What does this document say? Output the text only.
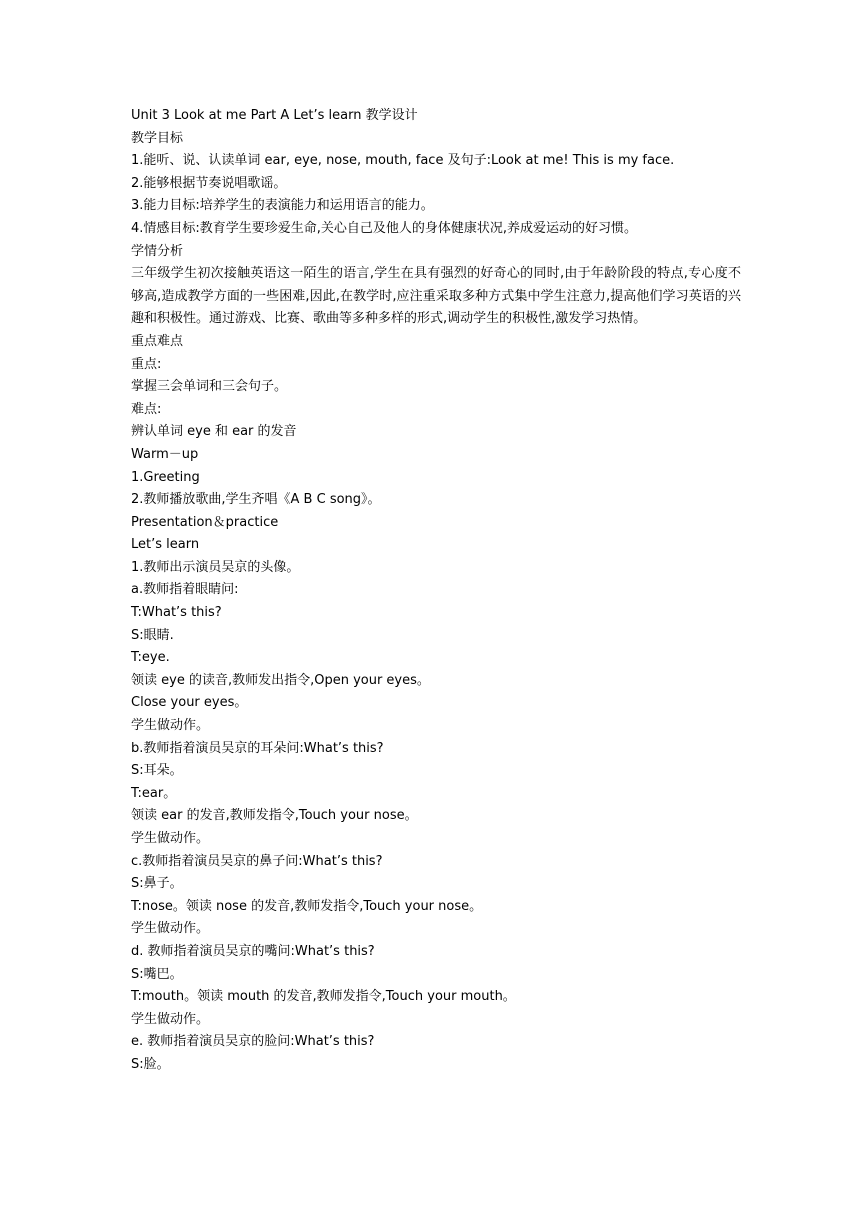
Unit 3 Look at me Part A Let’s learn 教学设计

教学目标

1.能听、说、认读单词 ear, eye, nose, mouth, face 及句子:Look at me! This is my face.

2.能够根据节奏说唱歌谣。

3.能力目标:培养学生的表演能力和运用语言的能力。

4.情感目标:教育学生要珍爱生命,关心自己及他人的身体健康状况,养成爱运动的好习惯。

学情分析

三年级学生初次接触英语这一陌生的语言,学生在具有强烈的好奇心的同时,由于年龄阶段的特点,专心度不够高,造成教学方面的一些困难,因此,在教学时,应注重采取多种方式集中学生注意力,提高他们学习英语的兴趣和积极性。通过游戏、比赛、歌曲等多种多样的形式,调动学生的积极性,激发学习热情。

重点难点

重点:

掌握三会单词和三会句子。

难点:

辨认单词 eye 和 ear 的发音

Warm－up

1.Greeting

2.教师播放歌曲,学生齐唱《A B C song》。

Presentation＆practice

Let’s learn

1.教师出示演员吴京的头像。

a.教师指着眼睛问:

T:What’s this?

S:眼睛.

T:eye.

领读 eye 的读音,教师发出指令,Open your eyes。

Close your eyes。

学生做动作。

b.教师指着演员吴京的耳朵问:What’s this?

S:耳朵。

T:ear。

领读 ear 的发音,教师发指令,Touch your nose。

学生做动作。

c.教师指着演员吴京的鼻子问:What’s this?

S:鼻子。

T:nose。领读 nose 的发音,教师发指令,Touch your nose。

学生做动作。

d. 教师指着演员吴京的嘴问:What’s this?

S:嘴巴。

T:mouth。领读 mouth 的发音,教师发指令,Touch your mouth。

学生做动作。

e. 教师指着演员吴京的脸问:What’s this?

S:脸。
